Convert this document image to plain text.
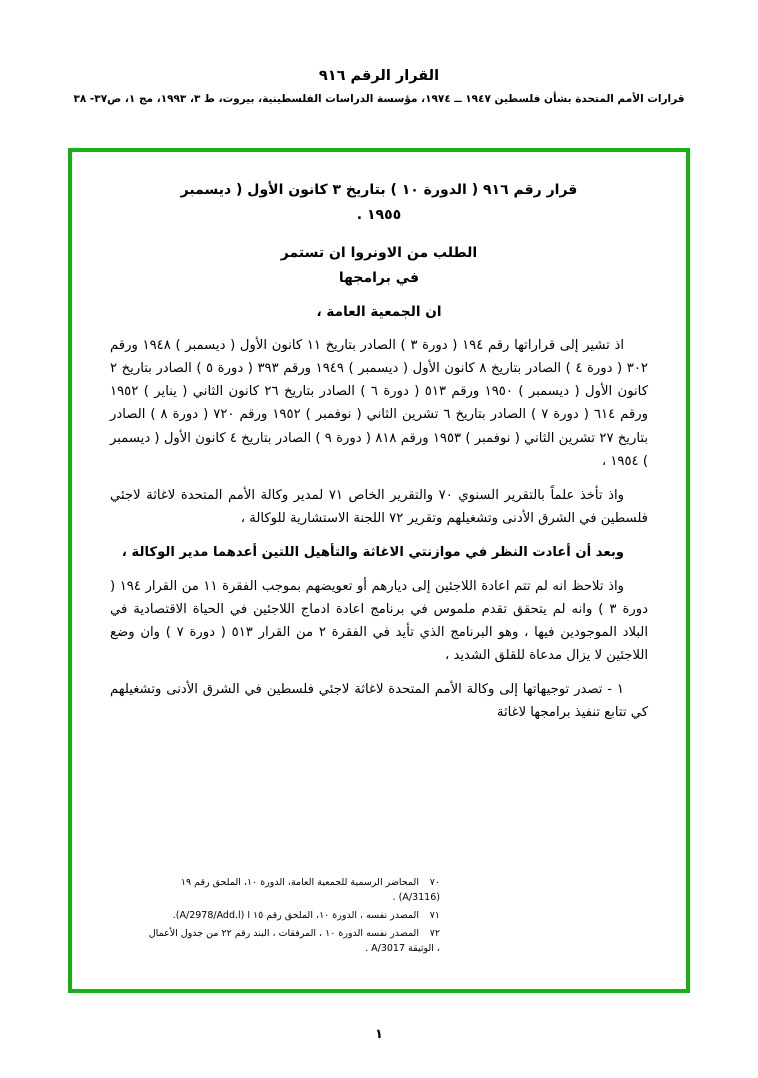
القرار الرقم ٩١٦
قرارات الأمم المتحدة بشأن فلسطين ١٩٤٧ ــ ١٩٧٤، مؤسسة الدراسات الفلسطينية، بيروت، ط ٣، ١٩٩٣، مج ١، ص٣٧- ٣٨
قرار رقم ٩١٦ ( الدورة ١٠ ) بتاريخ ٣ كانون الأول ( ديسمبر
١٩٥٥ .
الطلب من الاونروا ان تستمر
في برامجها
ان الجمعية العامة ،

اذ تشير إلى قراراتها رقم ١٩٤ ( دورة ٣ ) الصادر بتاريخ ١١ كانون الأول ( ديسمبر ) ١٩٤٨ ورقم ٣٠٢ ( دورة ٤ ) الصادر بتاريخ ٨ كانون الأول ( ديسمبر ) ١٩٤٩ ورقم ٣٩٣ ( دورة ٥ ) الصادر بتاريخ ٢ كانون الأول ( ديسمبر ) ١٩٥٠ ورقم ٥١٣ ( دورة ٦ ) الصادر بتاريخ ٢٦ كانون الثاني ( يناير ) ١٩٥٢ ورقم ٦١٤ ( دورة ٧ ) الصادر بتاريخ ٦ تشرين الثاني ( نوفمبر ) ١٩٥٢ ورقم ٧٢٠ ( دورة ٨ ) الصادر بتاريخ ٢٧ تشرين الثاني ( نوفمبر ) ١٩٥٣ ورقم ٨١٨ ( دورة ٩ ) الصادر بتاريخ ٤ كانون الأول ( ديسمبر ) ١٩٥٤ ،

واذ تأخذ علماً بالتقرير السنوي ٧٠ والتقرير الخاص ٧١ لمدير وكالة الأمم المتحدة لاغاثة لاجئي فلسطين في الشرق الأدنى وتشغيلهم وتقرير ٧٢ اللجنة الاستشارية للوكالة ،

وبعد أن أعادت النظر في موازنتي الاغاثة والتأهيل اللتين أعدهما مدير الوكالة ،

واذ تلاحظ انه لم تتم اعادة اللاجئين إلى ديارهم أو تعويضهم بموجب الفقرة ١١ من القرار ١٩٤ ( دورة ٣ ) وانه لم يتحقق تقدم ملموس في برنامج اعادة ادماج اللاجئين في الحياة الاقتصادية في البلاد الموجودين فيها ، وهو البرنامج الذي تأيد في الفقرة ٢ من القرار ٥١٣ ( دورة ٧ ) وان وضع اللاجئين لا يزال مدعاة للقلق الشديد ،

١ - تصدر توجيهاتها إلى وكالة الأمم المتحدة لاغاثة لاجئي فلسطين في الشرق الأدنى وتشغيلهم كي تتابع تنفيذ برامجها لاغاثة

٧٠ المحاضر الرسمية للجمعية العامة، الدورة ١٠، الملحق رقم ١٩ (A/3116) .
٧١ المصدر نفسه ، الدورة ١٠، الملحق رقم ١٥ ا (A/2978/Add.l).
٧٢ المصدر نفسه الدورة ١٠ ، المرفقات ، البند رقم ٢٢ من جدول الأعمال ، الوثيقة A/3017 .
١
